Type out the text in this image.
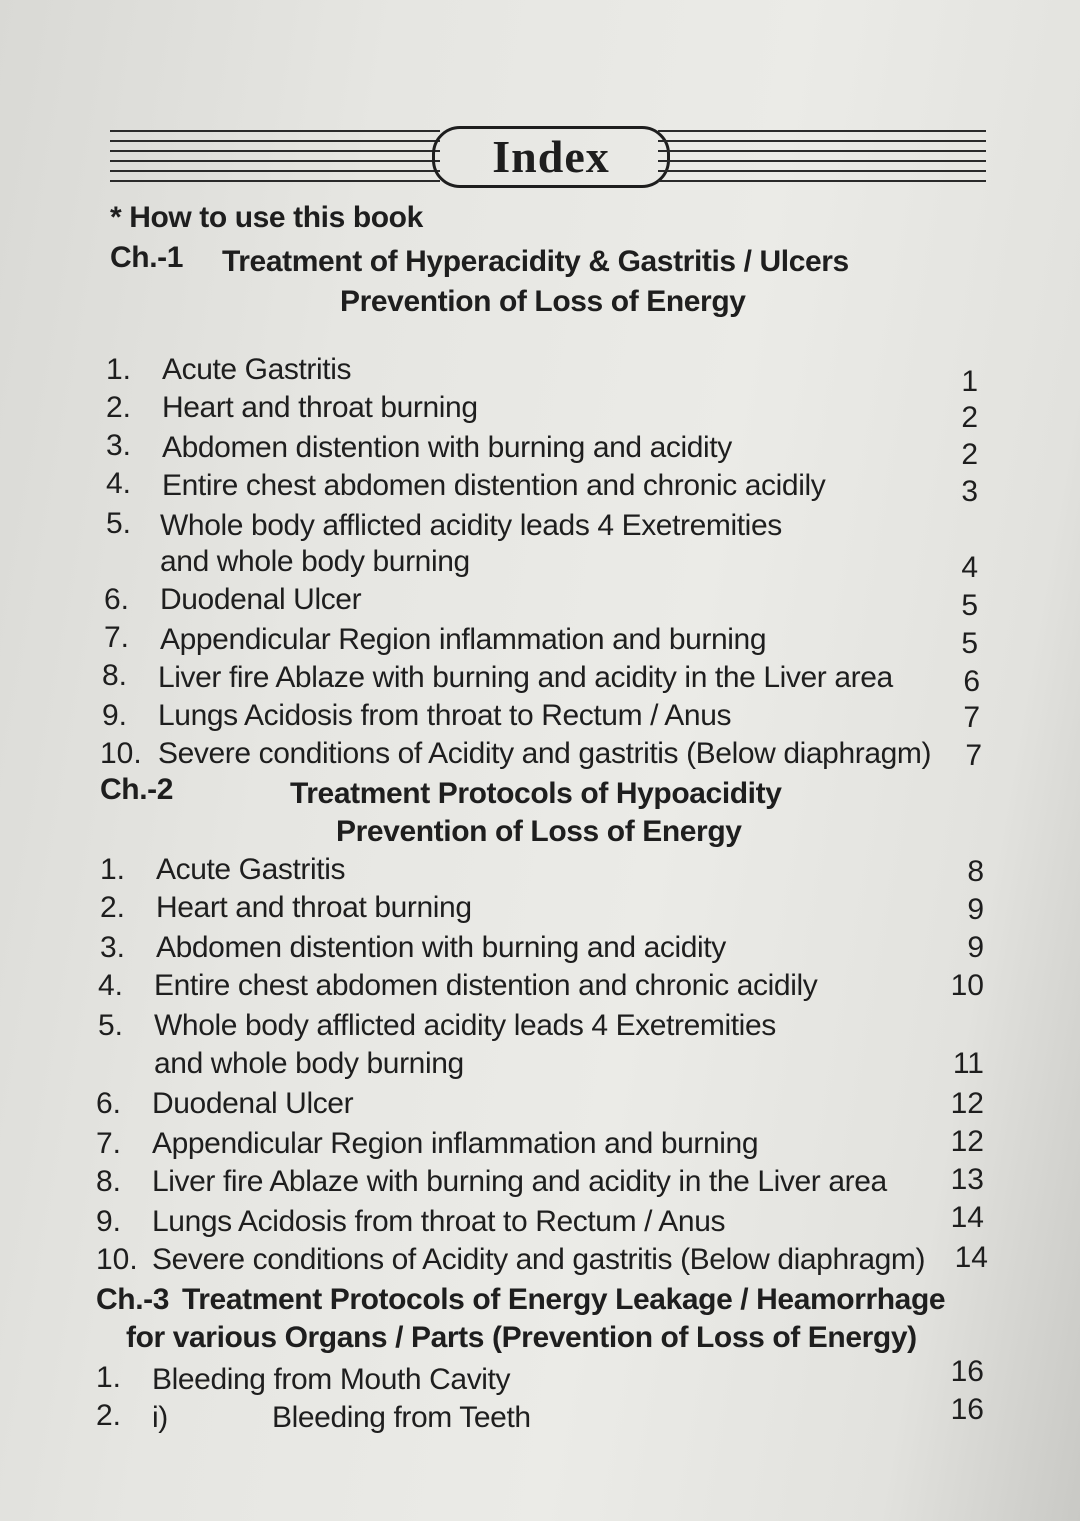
Index
* How to use this book
Ch.-1 Treatment of Hyperacidity & Gastritis / Ulcers
Prevention of Loss of Energy
1. Acute Gastritis	1
2. Heart and throat burning	2
3. Abdomen distention with burning and acidity	2
4. Entire chest abdomen distention and chronic acidily	3
5. Whole body afflicted acidity leads 4 Exetremities
and whole body burning	4
6. Duodenal Ulcer	5
7. Appendicular Region inflammation and burning	5
8. Liver fire Ablaze with burning and acidity in the Liver area	6
9. Lungs Acidosis from throat to Rectum / Anus	7
10. Severe conditions of Acidity and gastritis (Below diaphragm)	7
Ch.-2	Treatment Protocols of Hypoacidity
Prevention of Loss of Energy
1. Acute Gastritis	8
2. Heart and throat burning	9
3. Abdomen distention with burning and acidity	9
4. Entire chest abdomen distention and chronic acidily	10
5. Whole body afflicted acidity leads 4 Exetremities
and whole body burning	11
6. Duodenal Ulcer	12
7. Appendicular Region inflammation and burning	12
8. Liver fire Ablaze with burning and acidity in the Liver area	13
9. Lungs Acidosis from throat to Rectum / Anus	14
10. Severe conditions of Acidity and gastritis (Below diaphragm) 14
Ch.-3 Treatment Protocols of Energy Leakage / Heamorrhage
for various Organs / Parts (Prevention of Loss of Energy)
1. Bleeding from Mouth Cavity	16
2. i)	Bleeding from Teeth	16
